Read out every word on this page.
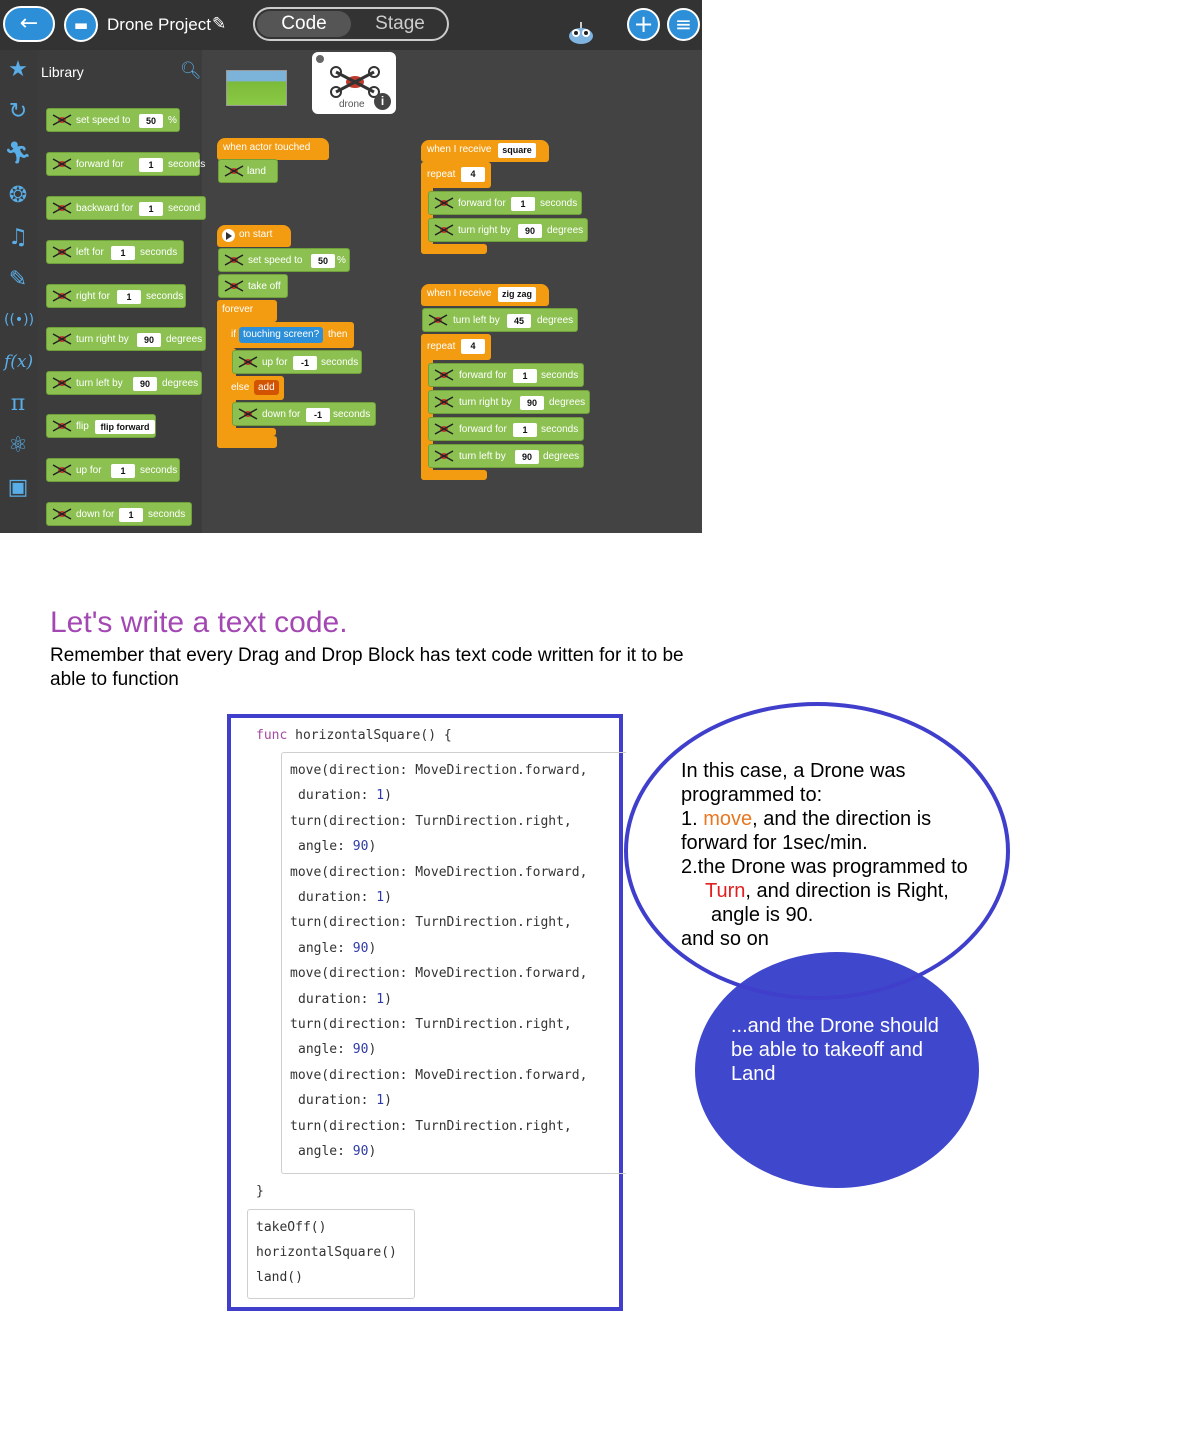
←	▬	Drone Project ✎	Code	Stage	+	≡
★
↻
🏃︎
❂
♫
✎
((•))
f(x)
π
⚛
▣
Library	🔍︎
drone	i
when actor touched
land
on start
set speed to	50 %
take off
forever
if touching screen? then
up for	-1	seconds
else add
down for	-1	seconds
when I receive	square
repeat	4
forward for	1	seconds
turn right by	90	degrees
when I receive	zig zag
turn left by	45	degrees
repeat	4
forward for	1	seconds
turn right by	90	degrees
forward for	1	seconds
turn left by	90	degrees
set speed to	50	%
forward for	1	seconds
backward for	1	second
left for	1	seconds
right for	1	seconds
turn right by	90	degrees
turn left by	90	degrees
flip	flip forward
up for	1	seconds
down for	1	seconds
Let's write a text code.
Remember that every Drag and Drop Block has text code written for it to be able to function
func horizontalSquare() {
move(direction: MoveDirection.forward,
duration: 1)
turn(direction: TurnDirection.right,
angle: 90)
move(direction: MoveDirection.forward,
duration: 1)
turn(direction: TurnDirection.right,
angle: 90)
move(direction: MoveDirection.forward,
duration: 1)
turn(direction: TurnDirection.right,
angle: 90)
move(direction: MoveDirection.forward,
duration: 1)
turn(direction: TurnDirection.right,
angle: 90)
}
takeOff()
horizontalSquare()
land()
In this case, a Drone was programmed to:
1. move, and the direction is forward for 1sec/min.
2.the Drone was programmed to
Turn, and direction is Right,
angle is 90.
and so on
...and the Drone should be able to takeoff and Land
